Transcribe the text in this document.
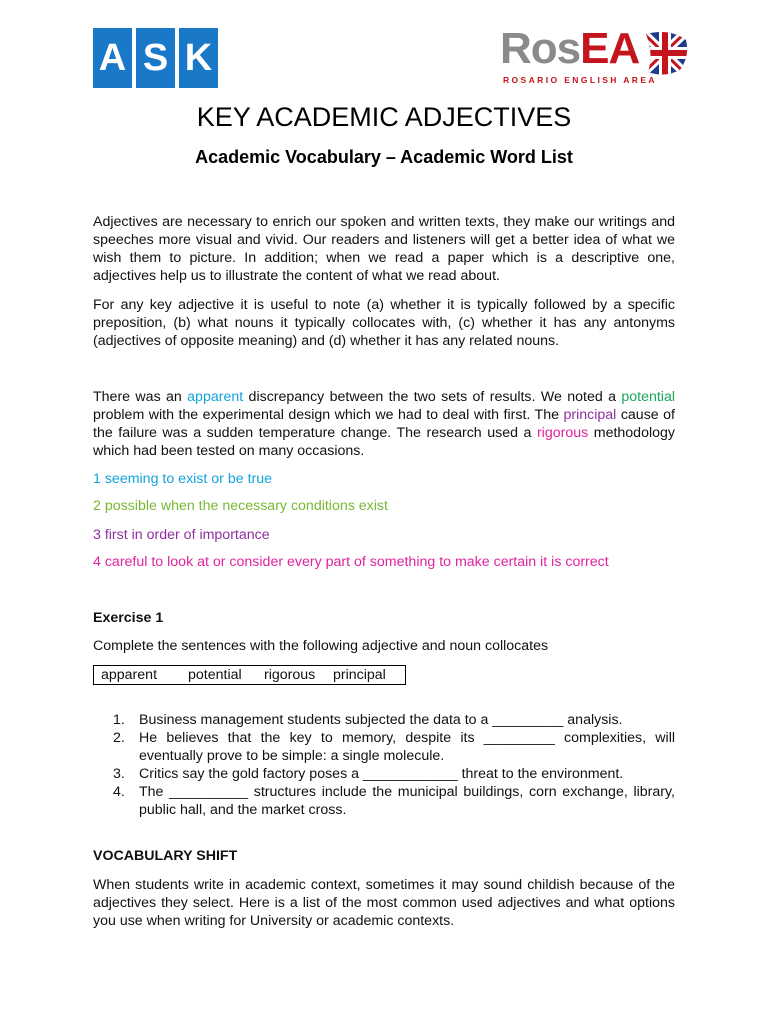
A S K	RosEA
ROSARIO ENGLISH AREA
KEY ACADEMIC ADJECTIVES
Academic Vocabulary – Academic Word List

Adjectives are necessary to enrich our spoken and written texts, they make our writings and speeches more visual and vivid. Our readers and listeners will get a better idea of what we wish them to picture. In addition; when we read a paper which is a descriptive one, adjectives help us to illustrate the content of what we read about.

For any key adjective it is useful to note (a) whether it is typically followed by a specific preposition, (b) what nouns it typically collocates with, (c) whether it has any antonyms (adjectives of opposite meaning) and (d) whether it has any related nouns.

There was an apparent discrepancy between the two sets of results. We noted a potential problem with the experimental design which we had to deal with first. The principal cause of the failure was a sudden temperature change. The research used a rigorous methodology which had been tested on many occasions.

1 seeming to exist or be true

2 possible when the necessary conditions exist

3 first in order of importance

4 careful to look at or consider every part of something to make certain it is correct

Exercise 1

Complete the sentences with the following adjective and noun collocates

apparent	potential	rigorous	principal
1. Business management students subjected the data to a _________ analysis.
2. He believes that the key to memory, despite its _________ complexities, will eventually prove to be simple: a single molecule.
3. Critics say the gold factory poses a ____________ threat to the environment.
4. The __________ structures include the municipal buildings, corn exchange, library, public hall, and the market cross.

VOCABULARY SHIFT

When students write in academic context, sometimes it may sound childish because of the adjectives they select. Here is a list of the most common used adjectives and what options you use when writing for University or academic contexts.
